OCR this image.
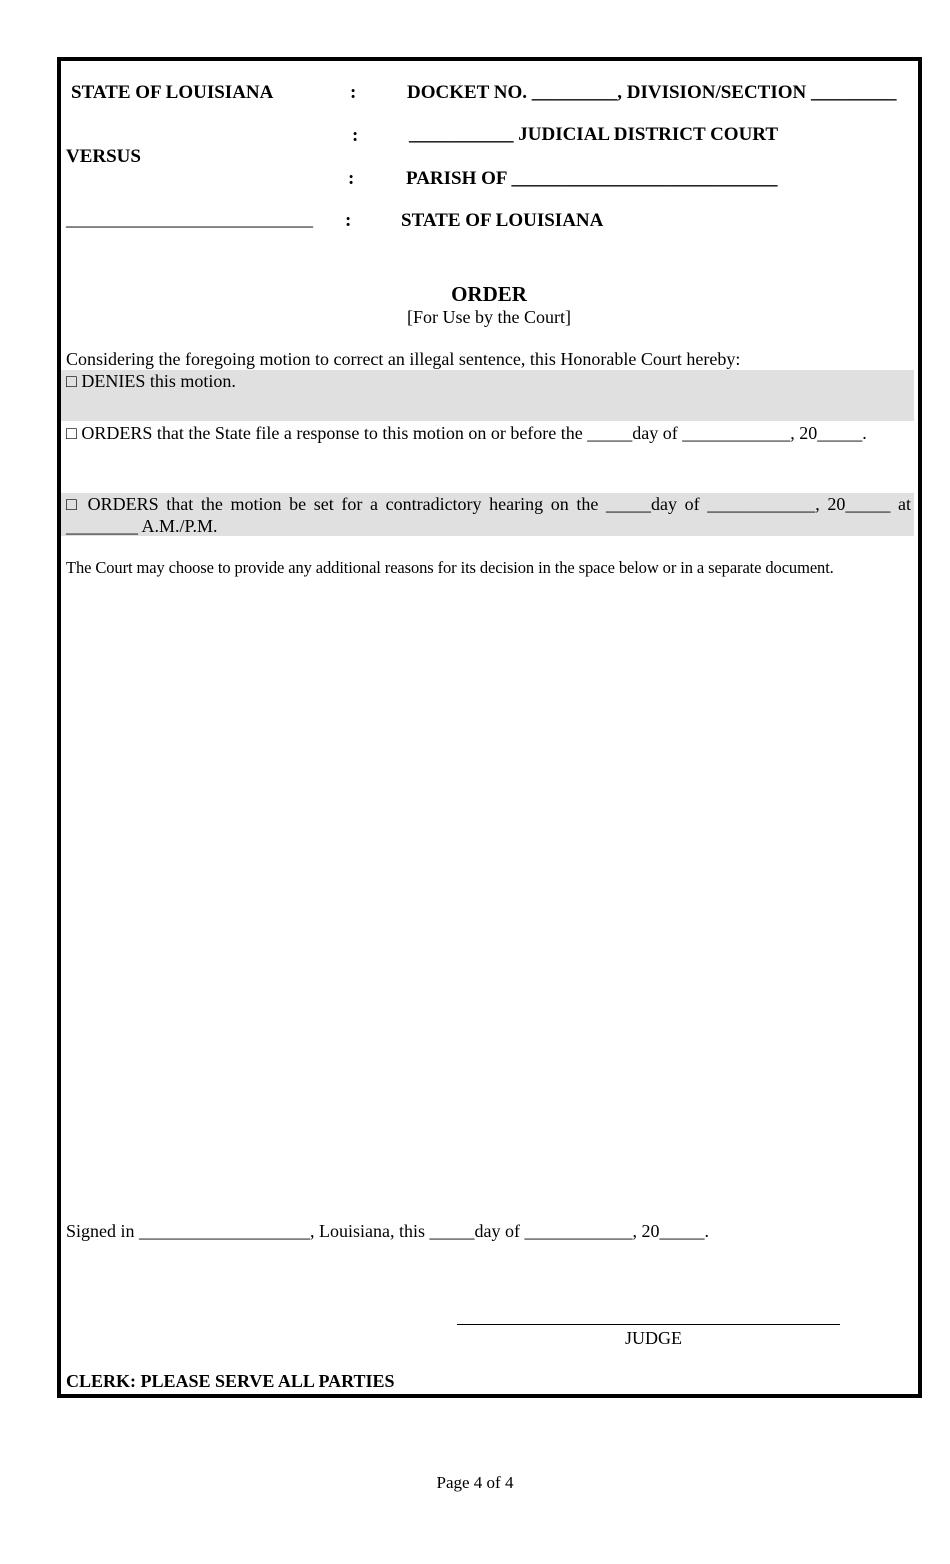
STATE OF LOUISIANA
VERSUS
__________________________
:
:
:
:
DOCKET NO. _________, DIVISION/SECTION _________
___________ JUDICIAL DISTRICT COURT
PARISH OF ____________________________
STATE OF LOUISIANA
ORDER
[For Use by the Court]
Considering the foregoing motion to correct an illegal sentence, this Honorable Court hereby:
□ DENIES this motion.
□ ORDERS that the State file a response to this motion on or before the _____day of ____________, 20_____.
□ ORDERS that the motion be set for a contradictory hearing on the _____day of ____________, 20_____ at
________ A.M./P.M.
The Court may choose to provide any additional reasons for its decision in the space below or in a separate document.
Signed in ___________________, Louisiana, this _____day of ____________, 20_____.
JUDGE
CLERK: PLEASE SERVE ALL PARTIES
Page 4 of 4
